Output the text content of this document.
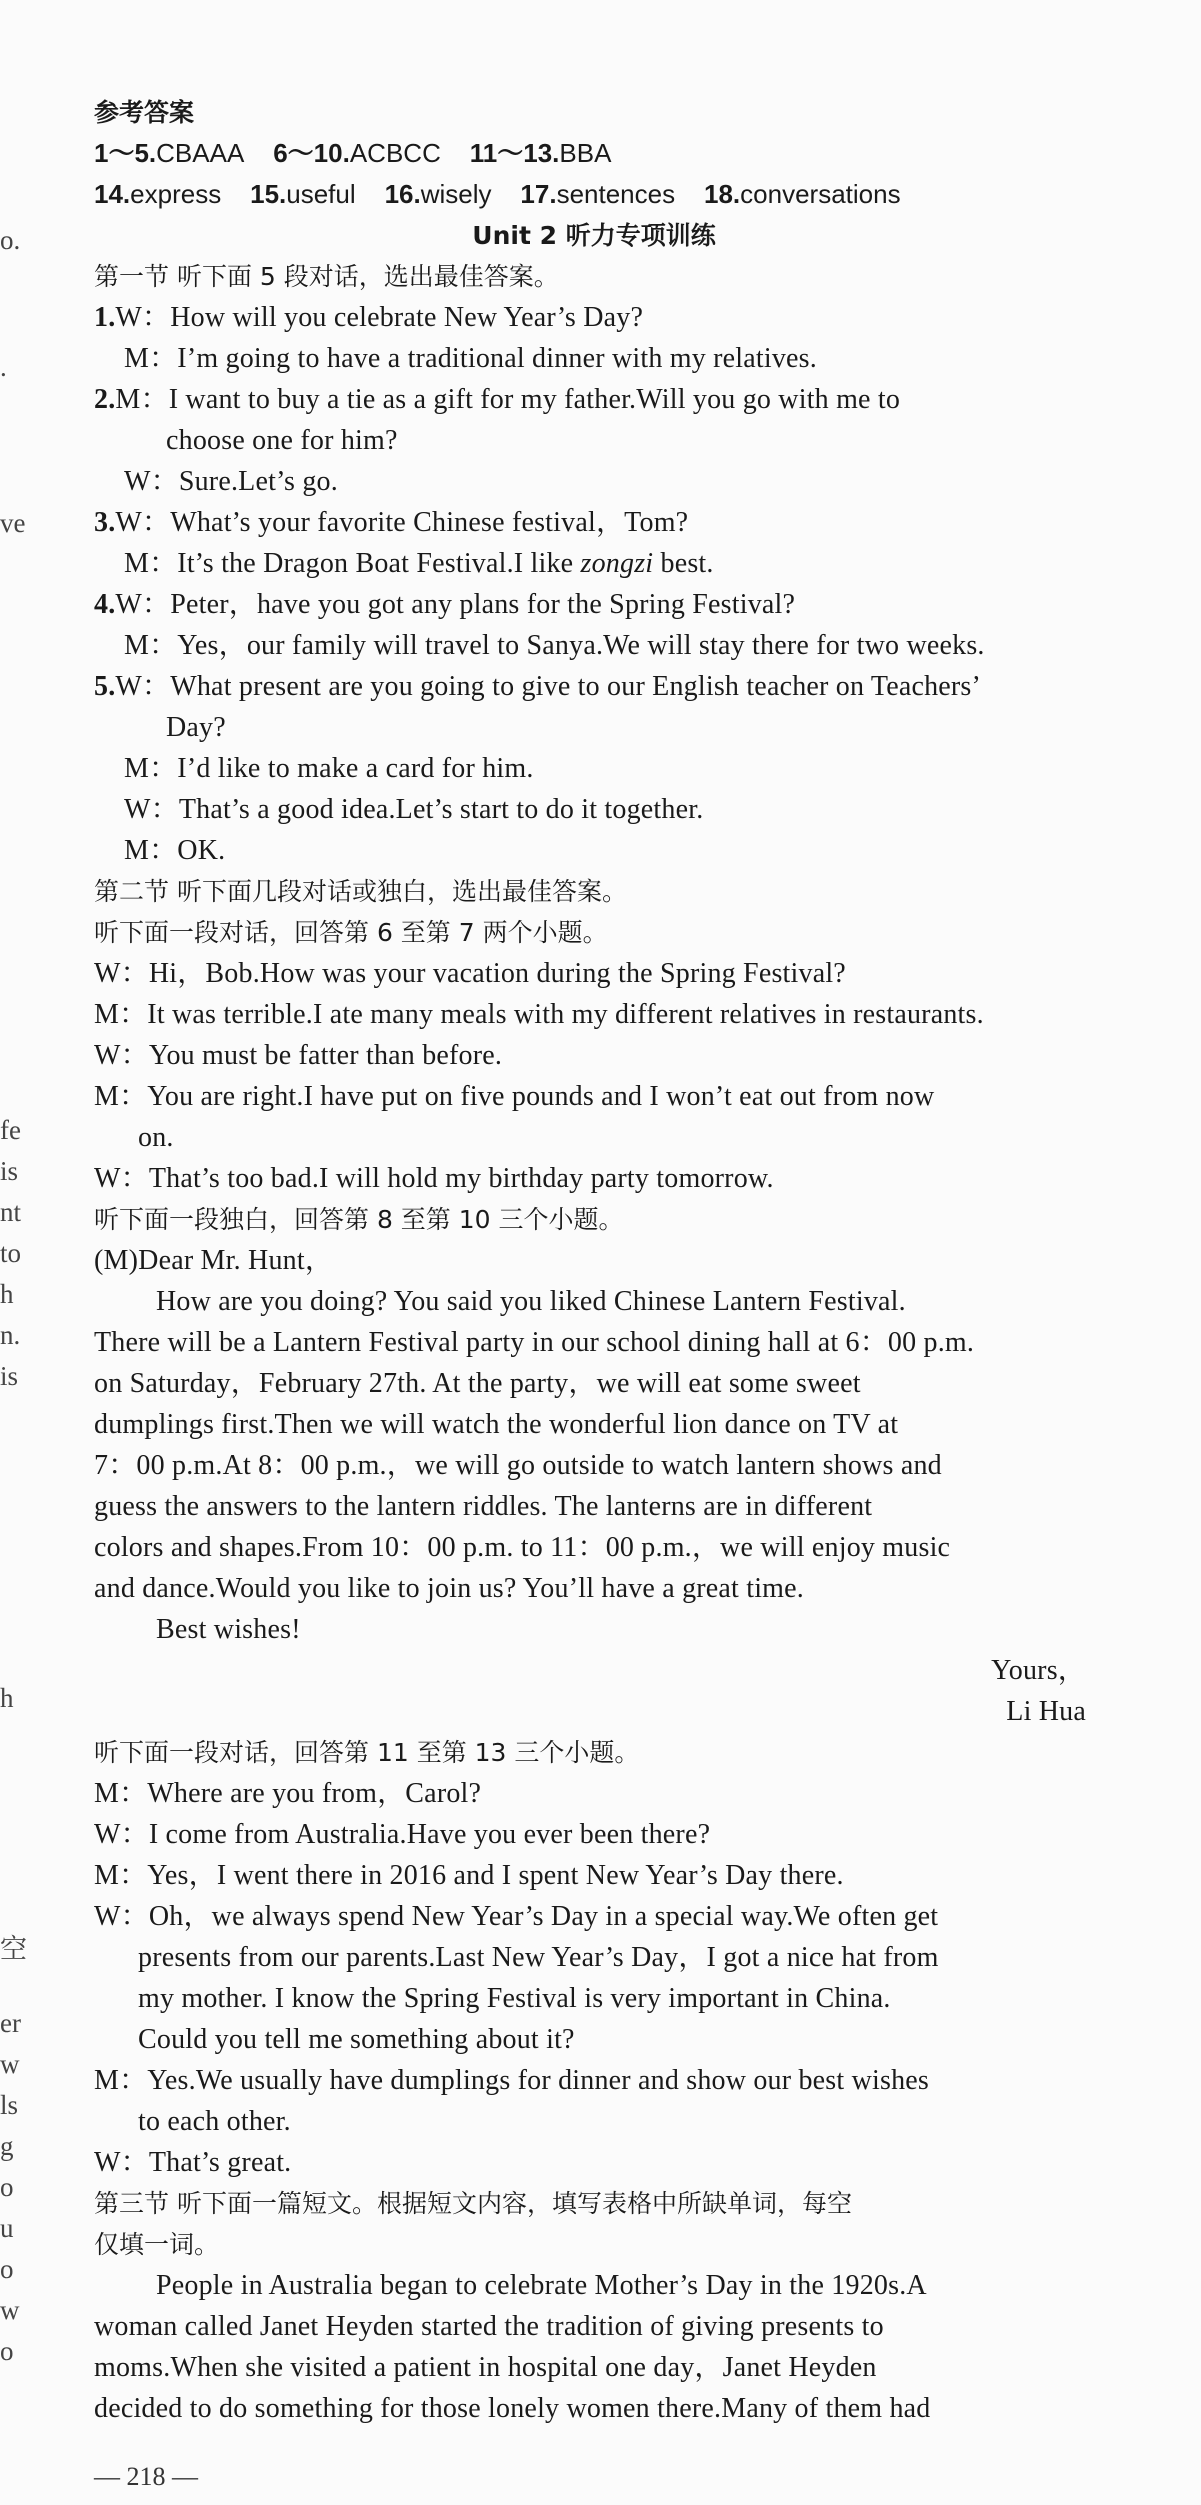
o.
.
ve
fe
is
nt
to
h
n.
is
h
空
er
w
ls
g
o
u
o
w
o
参考答案
1～5.CBAAA 6～10.ACBCC 11～13.BBA
14.express 15.useful 16.wisely 17.sentences 18.conversations
Unit 2 听力专项训练
第一节 听下面 5 段对话，选出最佳答案。
1.W：How will you celebrate New Year’s Day?
M：I’m going to have a traditional dinner with my relatives.
2.M：I want to buy a tie as a gift for my father.Will you go with me to
choose one for him?
W：Sure.Let’s go.
3.W：What’s your favorite Chinese festival，Tom?
M：It’s the Dragon Boat Festival.I like zongzi best.
4.W：Peter，have you got any plans for the Spring Festival?
M：Yes，our family will travel to Sanya.We will stay there for two weeks.
5.W：What present are you going to give to our English teacher on Teachers’
Day?
M：I’d like to make a card for him.
W：That’s a good idea.Let’s start to do it together.
M：OK.
第二节 听下面几段对话或独白，选出最佳答案。
听下面一段对话，回答第 6 至第 7 两个小题。
W：Hi，Bob.How was your vacation during the Spring Festival?
M：It was terrible.I ate many meals with my different relatives in restaurants.
W：You must be fatter than before.
M：You are right.I have put on five pounds and I won’t eat out from now
on.
W：That’s too bad.I will hold my birthday party tomorrow.
听下面一段独白，回答第 8 至第 10 三个小题。
(M)Dear Mr. Hunt，
How are you doing? You said you liked Chinese Lantern Festival.
There will be a Lantern Festival party in our school dining hall at 6：00 p.m.
on Saturday，February 27th. At the party，we will eat some sweet
dumplings first.Then we will watch the wonderful lion dance on TV at
7：00 p.m.At 8：00 p.m.，we will go outside to watch lantern shows and
guess the answers to the lantern riddles. The lanterns are in different
colors and shapes.From 10：00 p.m. to 11：00 p.m.，we will enjoy music
and dance.Would you like to join us? You’ll have a great time.
Best wishes!
Yours，
Li Hua
听下面一段对话，回答第 11 至第 13 三个小题。
M：Where are you from，Carol?
W：I come from Australia.Have you ever been there?
M：Yes，I went there in 2016 and I spent New Year’s Day there.
W：Oh，we always spend New Year’s Day in a special way.We often get
presents from our parents.Last New Year’s Day，I got a nice hat from
my mother. I know the Spring Festival is very important in China.
Could you tell me something about it?
M：Yes.We usually have dumplings for dinner and show our best wishes
to each other.
W：That’s great.
第三节 听下面一篇短文。根据短文内容，填写表格中所缺单词，每空
仅填一词。
People in Australia began to celebrate Mother’s Day in the 1920s.A
woman called Janet Heyden started the tradition of giving presents to
moms.When she visited a patient in hospital one day，Janet Heyden
decided to do something for those lonely women there.Many of them had
— 218 —
